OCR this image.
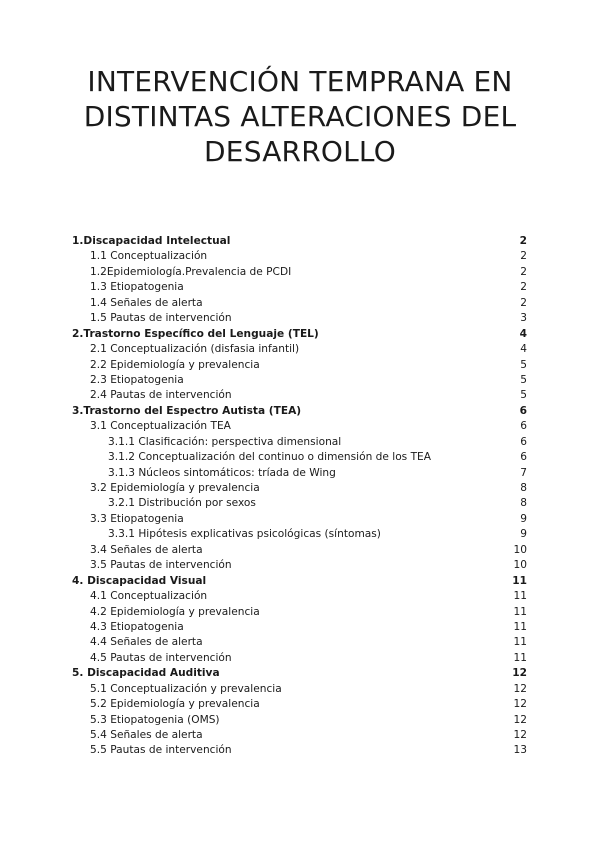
INTERVENCIÓN TEMPRANA EN DISTINTAS ALTERACIONES DEL DESARROLLO
1.Discapacidad Intelectual	2
1.1 Conceptualización	2
1.2Epidemiología.Prevalencia de PCDI	2
1.3 Etiopatogenia	2
1.4 Señales de alerta	2
1.5 Pautas de intervención	3
2.Trastorno Específico del Lenguaje (TEL)	4
2.1 Conceptualización (disfasia infantil)	4
2.2 Epidemiología y prevalencia	5
2.3 Etiopatogenia	5
2.4 Pautas de intervención	5
3.Trastorno del Espectro Autista (TEA)	6
3.1 Conceptualización TEA	6
3.1.1 Clasificación: perspectiva dimensional	6
3.1.2 Conceptualización del continuo o dimensión de los TEA	6
3.1.3 Núcleos sintomáticos: tríada de Wing	7
3.2 Epidemiología y prevalencia	8
3.2.1 Distribución por sexos	8
3.3 Etiopatogenia	9
3.3.1 Hipótesis explicativas psicológicas (síntomas)	9
3.4 Señales de alerta	10
3.5 Pautas de intervención	10
4. Discapacidad Visual	11
4.1 Conceptualización	11
4.2 Epidemiología y prevalencia	11
4.3 Etiopatogenia	11
4.4 Señales de alerta	11
4.5 Pautas de intervención	11
5. Discapacidad Auditiva	12
5.1 Conceptualización y prevalencia	12
5.2 Epidemiología y prevalencia	12
5.3 Etiopatogenia (OMS)	12
5.4 Señales de alerta	12
5.5 Pautas de intervención	13
